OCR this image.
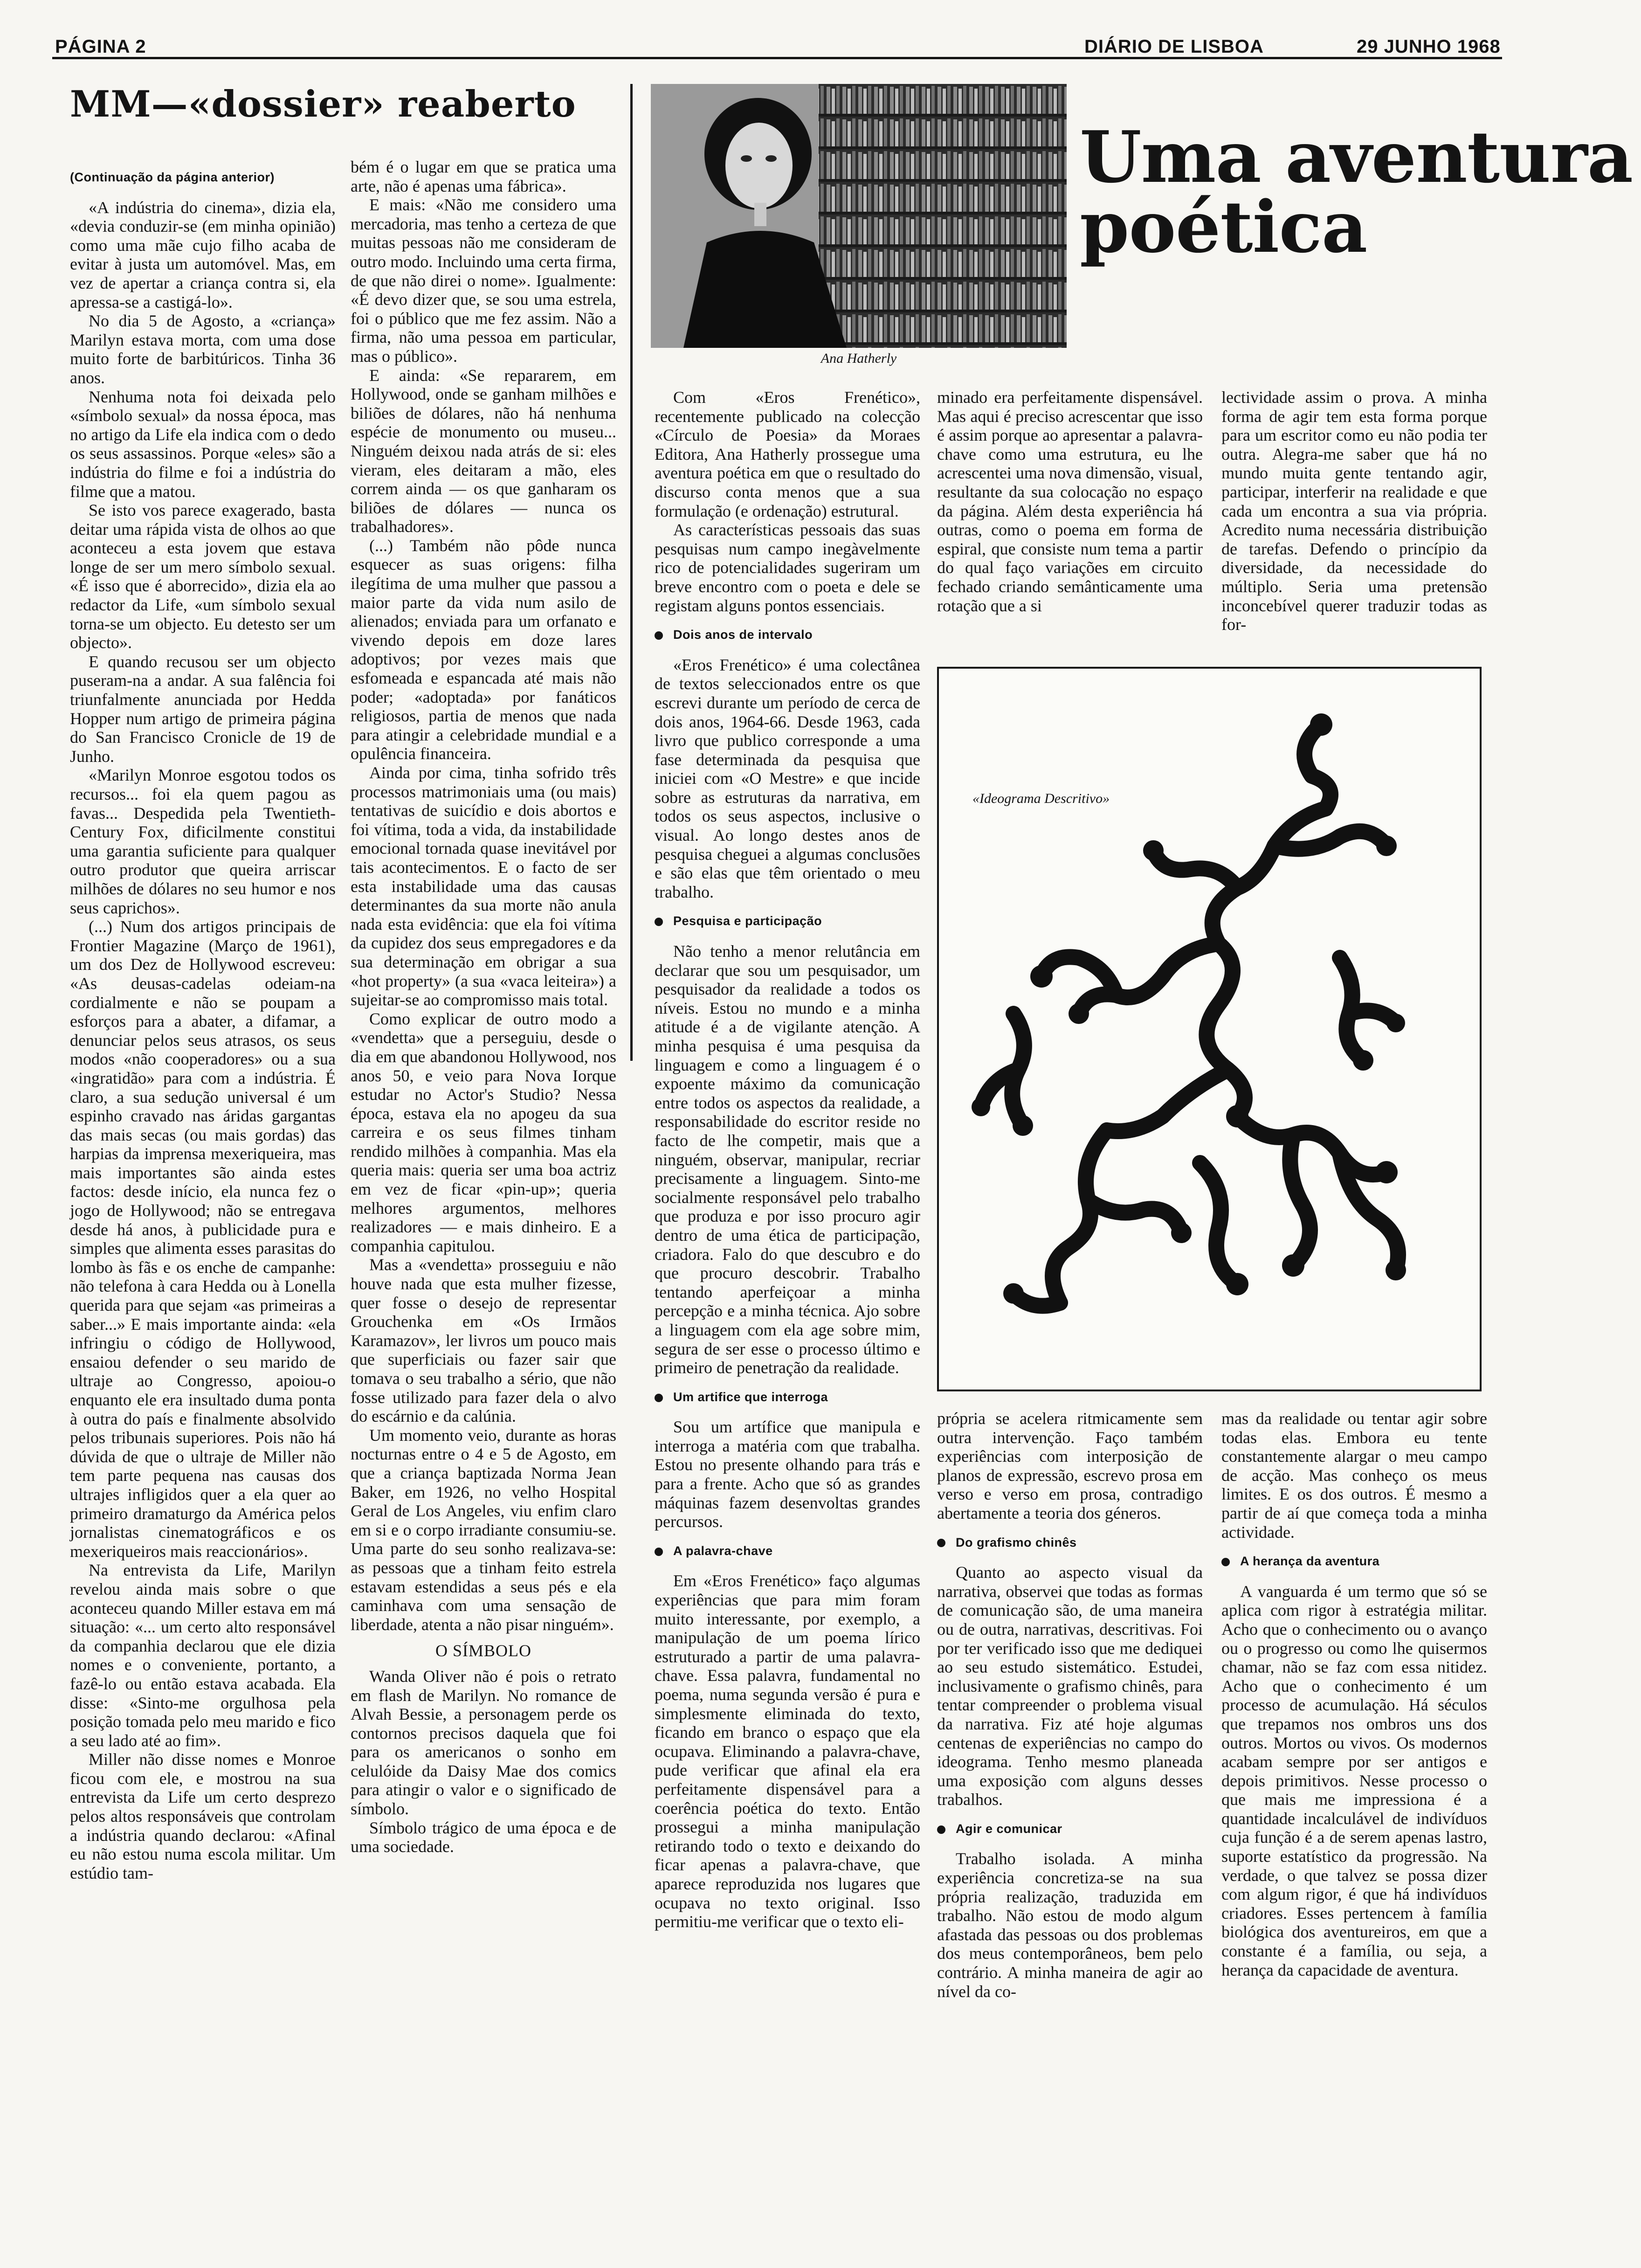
PÁGINA 2	DIÁRIO DE LISBOA	29 JUNHO 1968
MM—«dossier» reaberto

(Continuação da página anterior)

«A indústria do cinema», dizia ela, «devia conduzir-se (em minha opinião) como uma mãe cujo filho acaba de evitar à justa um automóvel. Mas, em vez de apertar a criança contra si, ela apressa-se a castigá-lo».

No dia 5 de Agosto, a «criança» Marilyn estava morta, com uma dose muito forte de barbitúricos. Tinha 36 anos.

Nenhuma nota foi deixada pelo «símbolo sexual» da nossa época, mas no artigo da Life ela indica com o dedo os seus assassinos. Porque «eles» são a indústria do filme e foi a indústria do filme que a matou.

Se isto vos parece exagerado, basta deitar uma rápida vista de olhos ao que aconteceu a esta jovem que estava longe de ser um mero símbolo sexual. «É isso que é aborrecido», dizia ela ao redactor da Life, «um símbolo sexual torna-se um objecto. Eu detesto ser um objecto».

E quando recusou ser um objecto puseram-na a andar. A sua falência foi triunfalmente anunciada por Hedda Hopper num artigo de primeira página do San Francisco Cronicle de 19 de Junho.

«Marilyn Monroe esgotou todos os recursos... foi ela quem pagou as favas... Despedida pela Twentieth-Century Fox, dificilmente constitui uma garantia suficiente para qualquer outro produtor que queira arriscar milhões de dólares no seu humor e nos seus caprichos».

(...) Num dos artigos principais de Frontier Magazine (Março de 1961), um dos Dez de Hollywood escreveu: «As deusas-cadelas odeiam-na cordialmente e não se poupam a esforços para a abater, a difamar, a denunciar pelos seus atrasos, os seus modos «não cooperadores» ou a sua «ingratidão» para com a indústria. É claro, a sua sedução universal é um espinho cravado nas áridas gargantas das mais secas (ou mais gordas) das harpias da imprensa mexeriqueira, mas mais importantes são ainda estes factos: desde início, ela nunca fez o jogo de Hollywood; não se entregava desde há anos, à publicidade pura e simples que alimenta esses parasitas do lombo às fãs e os enche de campanhe: não telefona à cara Hedda ou à Lonella querida para que sejam «as primeiras a saber...» E mais importante ainda: «ela infringiu o código de Hollywood, ensaiou defender o seu marido de ultraje ao Congresso, apoiou-o enquanto ele era insultado duma ponta à outra do país e finalmente absolvido pelos tribunais superiores. Pois não há dúvida de que o ultraje de Miller não tem parte pequena nas causas dos ultrajes infligidos quer a ela quer ao primeiro dramaturgo da América pelos jornalistas cinematográficos e os mexeriqueiros mais reaccionários».

Na entrevista da Life, Marilyn revelou ainda mais sobre o que aconteceu quando Miller estava em má situação: «... um certo alto responsável da companhia declarou que ele dizia nomes e o conveniente, portanto, a fazê-lo ou então estava acabada. Ela disse: «Sinto-me orgulhosa pela posição tomada pelo meu marido e fico a seu lado até ao fim».

Miller não disse nomes e Monroe ficou com ele, e mostrou na sua entrevista da Life um certo desprezo pelos altos responsáveis que controlam a indústria quando declarou: «Afinal eu não estou numa escola militar. Um estúdio tam-

bém é o lugar em que se pratica uma arte, não é apenas uma fábrica».

E mais: «Não me considero uma mercadoria, mas tenho a certeza de que muitas pessoas não me consideram de outro modo. Incluindo uma certa firma, de que não direi o nome». Igualmente: «É devo dizer que, se sou uma estrela, foi o público que me fez assim. Não a firma, não uma pessoa em particular, mas o público».

E ainda: «Se repararem, em Hollywood, onde se ganham milhões e biliões de dólares, não há nenhuma espécie de monumento ou museu... Ninguém deixou nada atrás de si: eles vieram, eles deitaram a mão, eles correm ainda — os que ganharam os biliões de dólares — nunca os trabalhadores».

(...) Também não pôde nunca esquecer as suas origens: filha ilegítima de uma mulher que passou a maior parte da vida num asilo de alienados; enviada para um orfanato e vivendo depois em doze lares adoptivos; por vezes mais que esfomeada e espancada até mais não poder; «adoptada» por fanáticos religiosos, partia de menos que nada para atingir a celebridade mundial e a opulência financeira.

Ainda por cima, tinha sofrido três processos matrimoniais uma (ou mais) tentativas de suicídio e dois abortos e foi vítima, toda a vida, da instabilidade emocional tornada quase inevitável por tais acontecimentos. E o facto de ser esta instabilidade uma das causas determinantes da sua morte não anula nada esta evidência: que ela foi vítima da cupidez dos seus empregadores e da sua determinação em obrigar a sua «hot property» (a sua «vaca leiteira») a sujeitar-se ao compromisso mais total.

Como explicar de outro modo a «vendetta» que a perseguiu, desde o dia em que abandonou Hollywood, nos anos 50, e veio para Nova Iorque estudar no Actor's Studio? Nessa época, estava ela no apogeu da sua carreira e os seus filmes tinham rendido milhões à companhia. Mas ela queria mais: queria ser uma boa actriz em vez de ficar «pin-up»; queria melhores argumentos, melhores realizadores — e mais dinheiro. E a companhia capitulou.

Mas a «vendetta» prosseguiu e não houve nada que esta mulher fizesse, quer fosse o desejo de representar Grouchenka em «Os Irmãos Karamazov», ler livros um pouco mais que superficiais ou fazer sair que tomava o seu trabalho a sério, que não fosse utilizado para fazer dela o alvo do escárnio e da calúnia.

Um momento veio, durante as horas nocturnas entre o 4 e 5 de Agosto, em que a criança baptizada Norma Jean Baker, em 1926, no velho Hospital Geral de Los Angeles, viu enfim claro em si e o corpo irradiante consumiu-se. Uma parte do seu sonho realizava-se: as pessoas que a tinham feito estrela estavam estendidas a seus pés e ela caminhava com uma sensação de liberdade, atenta a não pisar ninguém».

O SÍMBOLO

Wanda Oliver não é pois o retrato em flash de Marilyn. No romance de Alvah Bessie, a personagem perde os contornos precisos daquela que foi para os americanos o sonho em celulóide da Daisy Mae dos comics para atingir o valor e o significado de símbolo.

Símbolo trágico de uma época e de uma sociedade.

Ana Hatherly
Uma aventura
poética

Com «Eros Frenético», recentemente publicado na colecção «Círculo de Poesia» da Moraes Editora, Ana Hatherly prossegue uma aventura poética em que o resultado do discurso conta menos que a sua formulação (e ordenação) estrutural.

As características pessoais das suas pesquisas num campo inegàvelmente rico de potencialidades sugeriram um breve encontro com o poeta e dele se registam alguns pontos essenciais.

Dois anos de intervalo

«Eros Frenético» é uma colectânea de textos seleccionados entre os que escrevi durante um período de cerca de dois anos, 1964-66. Desde 1963, cada livro que publico corresponde a uma fase determinada da pesquisa que iniciei com «O Mestre» e que incide sobre as estruturas da narrativa, em todos os seus aspectos, inclusive o visual. Ao longo destes anos de pesquisa cheguei a algumas conclusões e são elas que têm orientado o meu trabalho.

Pesquisa e participação

Não tenho a menor relutância em declarar que sou um pesquisador, um pesquisador da realidade a todos os níveis. Estou no mundo e a minha atitude é a de vigilante atenção. A minha pesquisa é uma pesquisa da linguagem e como a linguagem é o expoente máximo da comunicação entre todos os aspectos da realidade, a responsabilidade do escritor reside no facto de lhe competir, mais que a ninguém, observar, manipular, recriar precisamente a linguagem. Sinto-me socialmente responsável pelo trabalho que produza e por isso procuro agir dentro de uma ética de participação, criadora. Falo do que descubro e do que procuro descobrir. Trabalho tentando aperfeiçoar a minha percepção e a minha técnica. Ajo sobre a linguagem com ela age sobre mim, segura de ser esse o processo último e primeiro de penetração da realidade.

Um artifice que interroga

Sou um artífice que manipula e interroga a matéria com que trabalha. Estou no presente olhando para trás e para a frente. Acho que só as grandes máquinas fazem desenvoltas grandes percursos.

A palavra-chave

Em «Eros Frenético» faço algumas experiências que para mim foram muito interessante, por exemplo, a manipulação de um poema lírico estruturado a partir de uma palavra-chave. Essa palavra, fundamental no poema, numa segunda versão é pura e simplesmente eliminada do texto, ficando em branco o espaço que ela ocupava. Eliminando a palavra-chave, pude verificar que afinal ela era perfeitamente dispensável para a coerência poética do texto. Então prossegui a minha manipulação retirando todo o texto e deixando do ficar apenas a palavra-chave, que aparece reproduzida nos lugares que ocupava no texto original. Isso permitiu-me verificar que o texto eli-

minado era perfeitamente dispensável. Mas aqui é preciso acrescentar que isso é assim porque ao apresentar a palavra-chave como uma estrutura, eu lhe acrescentei uma nova dimensão, visual, resultante da sua colocação no espaço da página. Além desta experiência há outras, como o poema em forma de espiral, que consiste num tema a partir do qual faço variações em circuito fechado criando semânticamente uma rotação que a si

lectividade assim o prova. A minha forma de agir tem esta forma porque para um escritor como eu não podia ter outra. Alegra-me saber que há no mundo muita gente tentando agir, participar, interferir na realidade e que cada um encontra a sua via própria. Acredito numa necessária distribuição de tarefas. Defendo o princípio da diversidade, da necessidade do múltiplo. Seria uma pretensão inconcebível querer traduzir todas as for-

«Ideograma Descritivo»

própria se acelera ritmicamente sem outra intervenção. Faço também experiências com interposição de planos de expressão, escrevo prosa em verso e verso em prosa, contradigo abertamente a teoria dos géneros.

Do grafismo chinês

Quanto ao aspecto visual da narrativa, observei que todas as formas de comunicação são, de uma maneira ou de outra, narrativas, descritivas. Foi por ter verificado isso que me dediquei ao seu estudo sistemático. Estudei, inclusivamente o grafismo chinês, para tentar compreender o problema visual da narrativa. Fiz até hoje algumas centenas de experiências no campo do ideograma. Tenho mesmo planeada uma exposição com alguns desses trabalhos.

Agir e comunicar

Trabalho isolada. A minha experiência concretiza-se na sua própria realização, traduzida em trabalho. Não estou de modo algum afastada das pessoas ou dos problemas dos meus contemporâneos, bem pelo contrário. A minha maneira de agir ao nível da co-

mas da realidade ou tentar agir sobre todas elas. Embora eu tente constantemente alargar o meu campo de acção. Mas conheço os meus limites. E os dos outros. É mesmo a partir de aí que começa toda a minha actividade.

A herança da aventura

A vanguarda é um termo que só se aplica com rigor à estratégia militar. Acho que o conhecimento ou o avanço ou o progresso ou como lhe quisermos chamar, não se faz com essa nitidez. Acho que o conhecimento é um processo de acumulação. Há séculos que trepamos nos ombros uns dos outros. Mortos ou vivos. Os modernos acabam sempre por ser antigos e depois primitivos. Nesse processo o que mais me impressiona é a quantidade incalculável de indivíduos cuja função é a de serem apenas lastro, suporte estatístico da progressão. Na verdade, o que talvez se possa dizer com algum rigor, é que há indivíduos criadores. Esses pertencem à família biológica dos aventureiros, em que a constante é a família, ou seja, a herança da capacidade de aventura.
